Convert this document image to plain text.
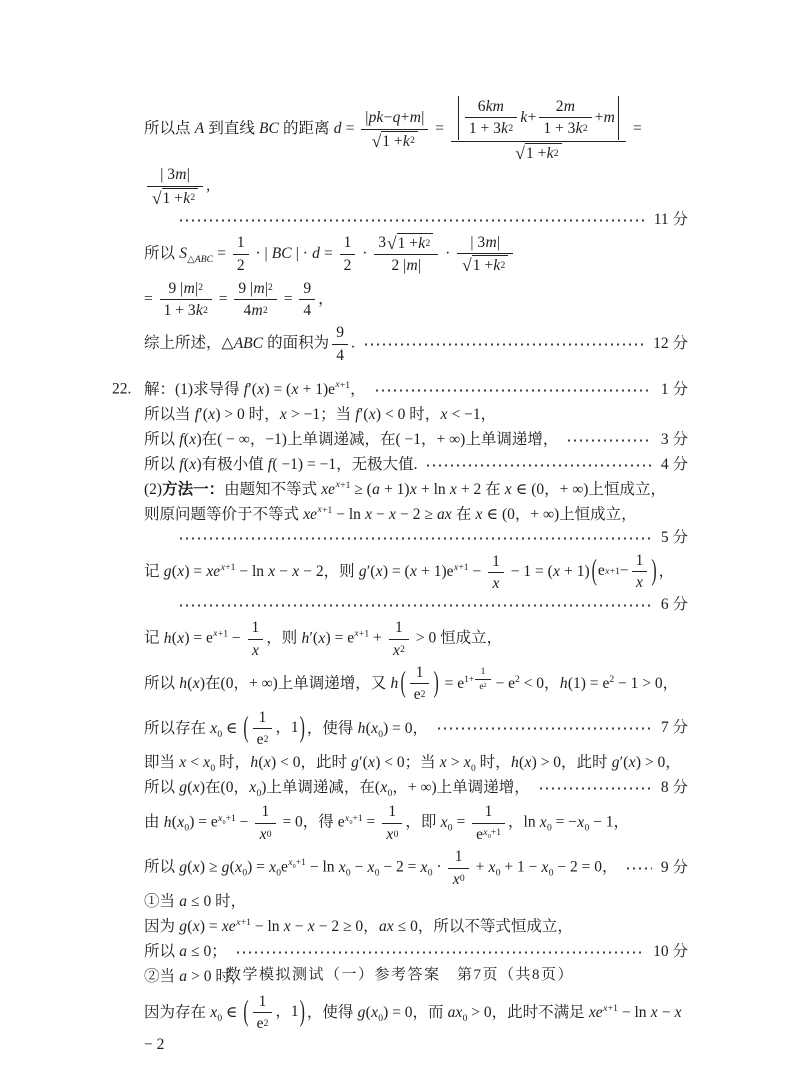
所以点 A 到直线 BC 的距离 $d = \frac{| pk - q + m |}{√ 1 + k 2} = \frac{\frac{6 km}{1 + 3 k 2} k + \frac{2 m}{1 + 3 k 2} + m}{√ 1 + k 2}$ =
$\frac{| 3 m |}{√ 1 + k 2}$ ,
11 分
所以 $S_{\triangle ABC} = \frac{1}{2}$ · | BC | · $d = \frac{1}{2} \cdot \frac{3 √ 1 + k 2}{2 | m |} \cdot \frac{| 3 m |}{√ 1 + k 2}$
= $\frac{9 | m | 2}{1 + 3 k 2} = \frac{9 | m | 2}{4 m 2} = \frac{9}{4}$ ，
综上所述，△ABC 的面积为 $\frac{9}{4}$ .	12 分
22. 解：(1)求导得 $f'(x) = (x + 1)e^{x+1}$，	1 分
所以当 f′(x) > 0 时，x > −1；当 f′(x) < 0 时，x < −1，
所以 f(x)在( − ∞，−1)上单调递减，在( −1，+ ∞)上单调递增，	3 分
所以 f(x)有极小值 f( −1) = −1，无极大值.	4 分
(2)方法一：由题知不等式 $xe^{x+1} \ge (a + 1)x + \ln x + 2$ 在 x ∈ (0，+ ∞)上恒成立，
则原问题等价于不等式 $xe^{x+1} - \ln x - x - 2$ ≥ ax 在 x ∈ (0，+ ∞)上恒成立，
5 分
记 $g(x) = xe^{x+1} - \ln x - x - 2$，则 $g'(x) = (x + 1)e^{x+1} - \frac{1}{x} - 1 = (x + 1)$ ( e $x+1 - \frac{1}{x}$ ) ，
6 分
记 $h(x) = e^{x+1} - \frac{1}{x}$ ，则 $h'(x) = e^{x+1} + \frac{1}{x 2} > 0$ 恒成立，
所以 h(x)在(0，+ ∞)上单调递增，又 h ( $\frac{1}{e 2}$ ) = $e^{1+ \frac{1}{e 2}} - e^2 < 0$，$h(1) = e^2 - 1 > 0$，
所以存在 $x_0$ ∈ ( $\frac{1}{e 2}$ ，1 ) ，使得 $h(x_0) = 0$，	7 分
即当 $x < x_0$ 时，h(x) < 0，此时 g′(x) < 0；当 $x > x_0$ 时，h(x) > 0，此时 g′(x) > 0，
所以 g(x)在(0，$x_0$)上单调递减，在($x_0$，+ ∞)上单调递增，	8 分
由 $h(x_0) = e^{x_0+1} - \frac{1}{x 0} = 0$，得 $e^{x_0+1} = \frac{1}{x 0}$ ，即 $x_0 = \frac{1}{e x_0+1}$ ，$\ln x_0 = -x_0 - 1$，
所以 $g(x) \ge g(x_0) = x_0e^{x_0+1} - \ln x_0 - x_0 - 2 = x_0 \cdot \frac{1}{x 0} + x_0 + 1 - x_0 - 2 = 0$，	9 分
①当 a ≤ 0 时，
因为 $g(x) = xe^{x+1} - \ln x - x - 2 \ge 0$，ax ≤ 0，所以不等式恒成立，
所以 a ≤ 0；	10 分
②当 a > 0 时，
因为存在 $x_0$ ∈ ( $\frac{1}{e 2}$ ，1 ) ，使得 $g(x_0) = 0$，而 $ax_0 > 0$，此时不满足 $xe^{x+1} - \ln x - x - 2$
数学模拟测试（一）参考答案　第7页（共8页）
